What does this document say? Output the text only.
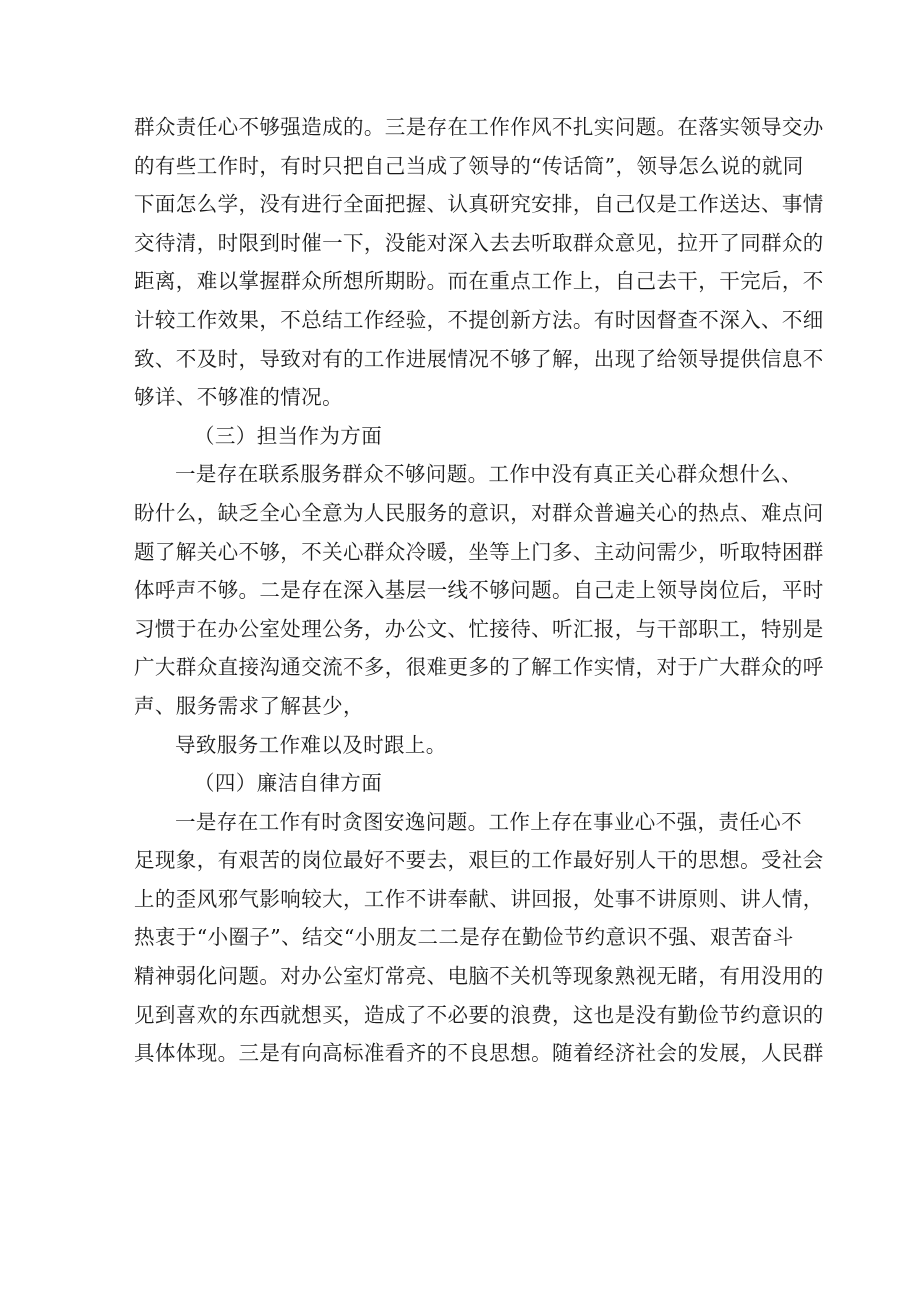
群众责任心不够强造成的。三是存在工作作风不扎实问题。在落实领导交办
的有些工作时，有时只把自己当成了领导的“传话筒”，领导怎么说的就同
下面怎么学，没有进行全面把握、认真研究安排，自己仅是工作送达、事情
交待清，时限到时催一下，没能对深入去去听取群众意见，拉开了同群众的
距离，难以掌握群众所想所期盼。而在重点工作上，自己去干，干完后，不
计较工作效果，不总结工作经验，不提创新方法。有时因督查不深入、不细
致、不及时，导致对有的工作进展情况不够了解，出现了给领导提供信息不
够详、不够准的情况。
（三）担当作为方面
一是存在联系服务群众不够问题。工作中没有真正关心群众想什么、
盼什么，缺乏全心全意为人民服务的意识，对群众普遍关心的热点、难点问
题了解关心不够，不关心群众冷暖，坐等上门多、主动问需少，听取特困群
体呼声不够。二是存在深入基层一线不够问题。自己走上领导岗位后，平时
习惯于在办公室处理公务，办公文、忙接待、听汇报，与干部职工，特别是
广大群众直接沟通交流不多，很难更多的了解工作实情，对于广大群众的呼
声、服务需求了解甚少，
导致服务工作难以及时跟上。
（四）廉洁自律方面
一是存在工作有时贪图安逸问题。工作上存在事业心不强，责任心不
足现象，有艰苦的岗位最好不要去，艰巨的工作最好别人干的思想。受社会
上的歪风邪气影响较大，工作不讲奉献、讲回报，处事不讲原则、讲人情，
热衷于“小圈子”、结交“小朋友二二是存在勤俭节约意识不强、艰苦奋斗
精神弱化问题。对办公室灯常亮、电脑不关机等现象熟视无睹，有用没用的
见到喜欢的东西就想买，造成了不必要的浪费，这也是没有勤俭节约意识的
具体体现。三是有向高标准看齐的不良思想。随着经济社会的发展，人民群
